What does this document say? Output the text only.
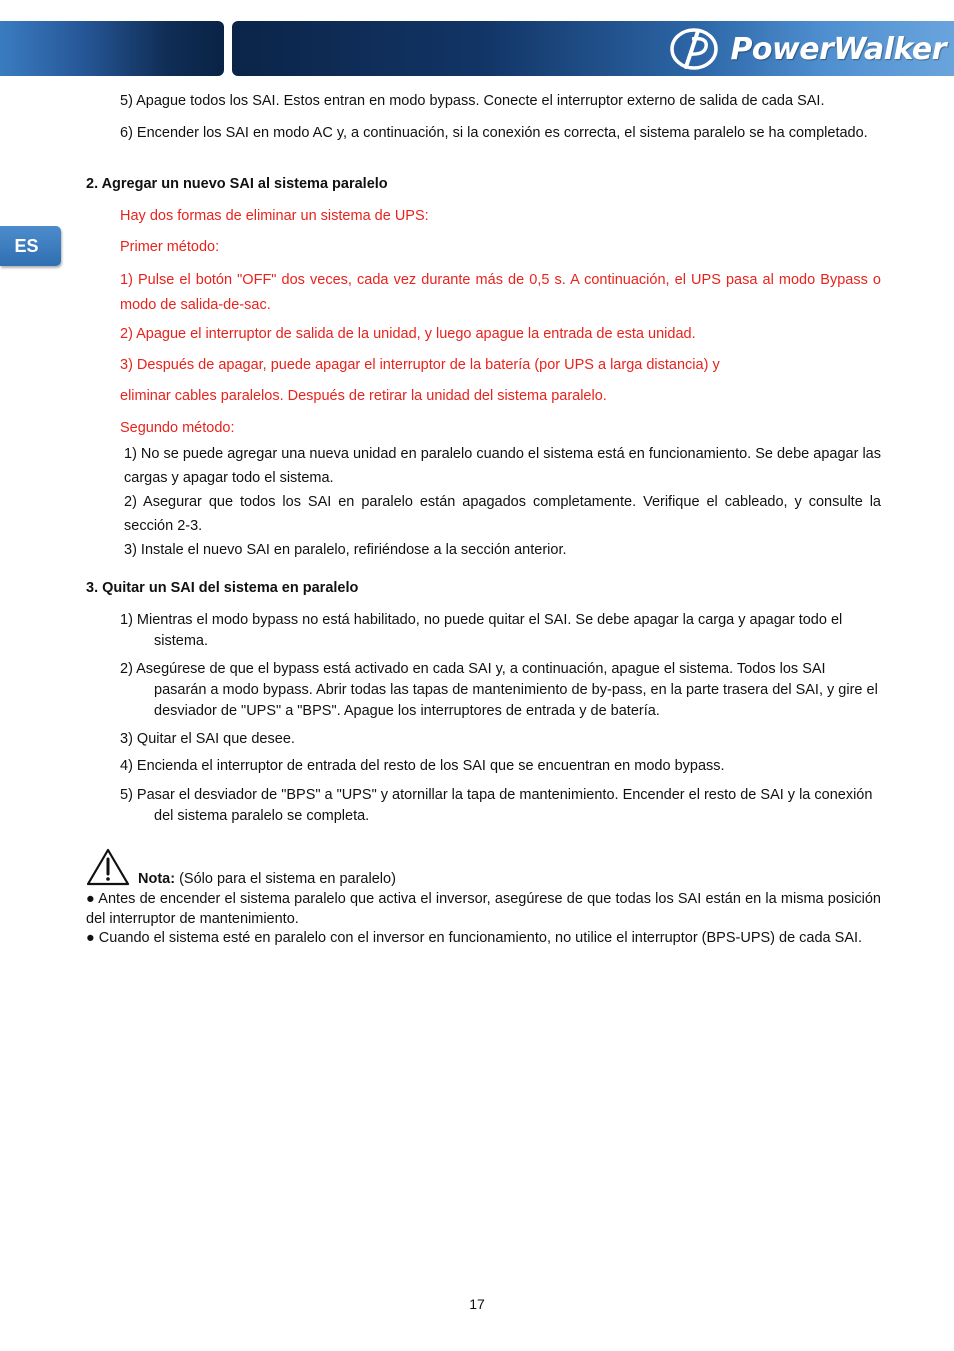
PowerWalker
ES
5) Apague todos los SAI. Estos entran en modo bypass. Conecte el interruptor externo de salida de cada SAI.
6) Encender los SAI en modo AC y, a continuación, si la conexión es correcta, el sistema paralelo se ha completado.
2. Agregar un nuevo SAI al sistema paralelo
Hay dos formas de eliminar un sistema de UPS:
Primer método:
1) Pulse el botón "OFF" dos veces, cada vez durante más de 0,5 s. A continuación, el UPS pasa al modo Bypass o modo de salida-de-sac.
2) Apague el interruptor de salida de la unidad, y luego apague la entrada de esta unidad.
3) Después de apagar, puede apagar el interruptor de la batería (por UPS a larga distancia) y
eliminar cables paralelos. Después de retirar la unidad del sistema paralelo.
Segundo método:
1) No se puede agregar una nueva unidad en paralelo cuando el sistema está en funcionamiento. Se debe apagar las cargas y apagar todo el sistema.
2) Asegurar que todos los SAI en paralelo están apagados completamente. Verifique el cableado, y consulte la sección 2-3.
3) Instale el nuevo SAI en paralelo, refiriéndose a la sección anterior.
3. Quitar un SAI del sistema en paralelo
1) Mientras el modo bypass no está habilitado, no puede quitar el SAI. Se debe apagar la carga y apagar todo el sistema.
2) Asegúrese de que el bypass está activado en cada SAI y, a continuación, apague el sistema. Todos los SAI pasarán a modo bypass. Abrir todas las tapas de mantenimiento de by-pass, en la parte trasera del SAI, y gire el desviador de "UPS" a "BPS". Apague los interruptores de entrada y de batería.
3) Quitar el SAI que desee.
4) Encienda el interruptor de entrada del resto de los SAI que se encuentran en modo bypass.
5) Pasar el desviador de "BPS" a "UPS" y atornillar la tapa de mantenimiento. Encender el resto de SAI y la conexión del sistema paralelo se completa.
Nota: (Sólo para el sistema en paralelo)
● Antes de encender el sistema paralelo que activa el inversor, asegúrese de que todas los SAI están en la misma posición del interruptor de mantenimiento.
● Cuando el sistema esté en paralelo con el inversor en funcionamiento, no utilice el interruptor (BPS-UPS) de cada SAI.
17
